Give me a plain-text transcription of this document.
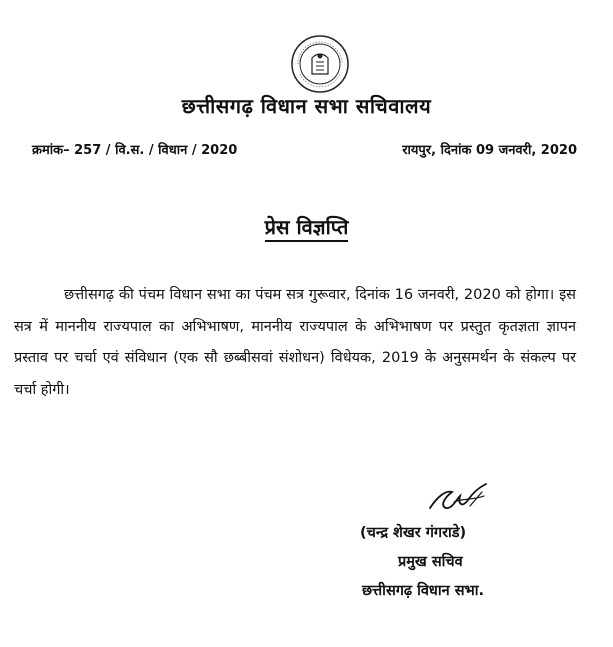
छत्तीसगढ़ विधान सभा सचिवालय
क्रमांक– 257 / वि.स. / विधान / 2020	रायपुर, दिनांक 09 जनवरी, 2020
प्रेस विज्ञप्ति

छत्तीसगढ़ की पंचम विधान सभा का पंचम सत्र गुरूवार, दिनांक 16 जनवरी, 2020 को होगा। इस सत्र में माननीय राज्यपाल का अभिभाषण, माननीय राज्यपाल के अभिभाषण पर प्रस्तुत कृतज्ञता ज्ञापन प्रस्ताव पर चर्चा एवं संविधान (एक सौ छब्बीसवां संशोधन) विधेयक, 2019 के अनुसमर्थन के संकल्प पर चर्चा होगी।

(चन्द्र शेखर गंगराडे)
प्रमुख सचिव
छत्तीसगढ़ विधान सभा.
